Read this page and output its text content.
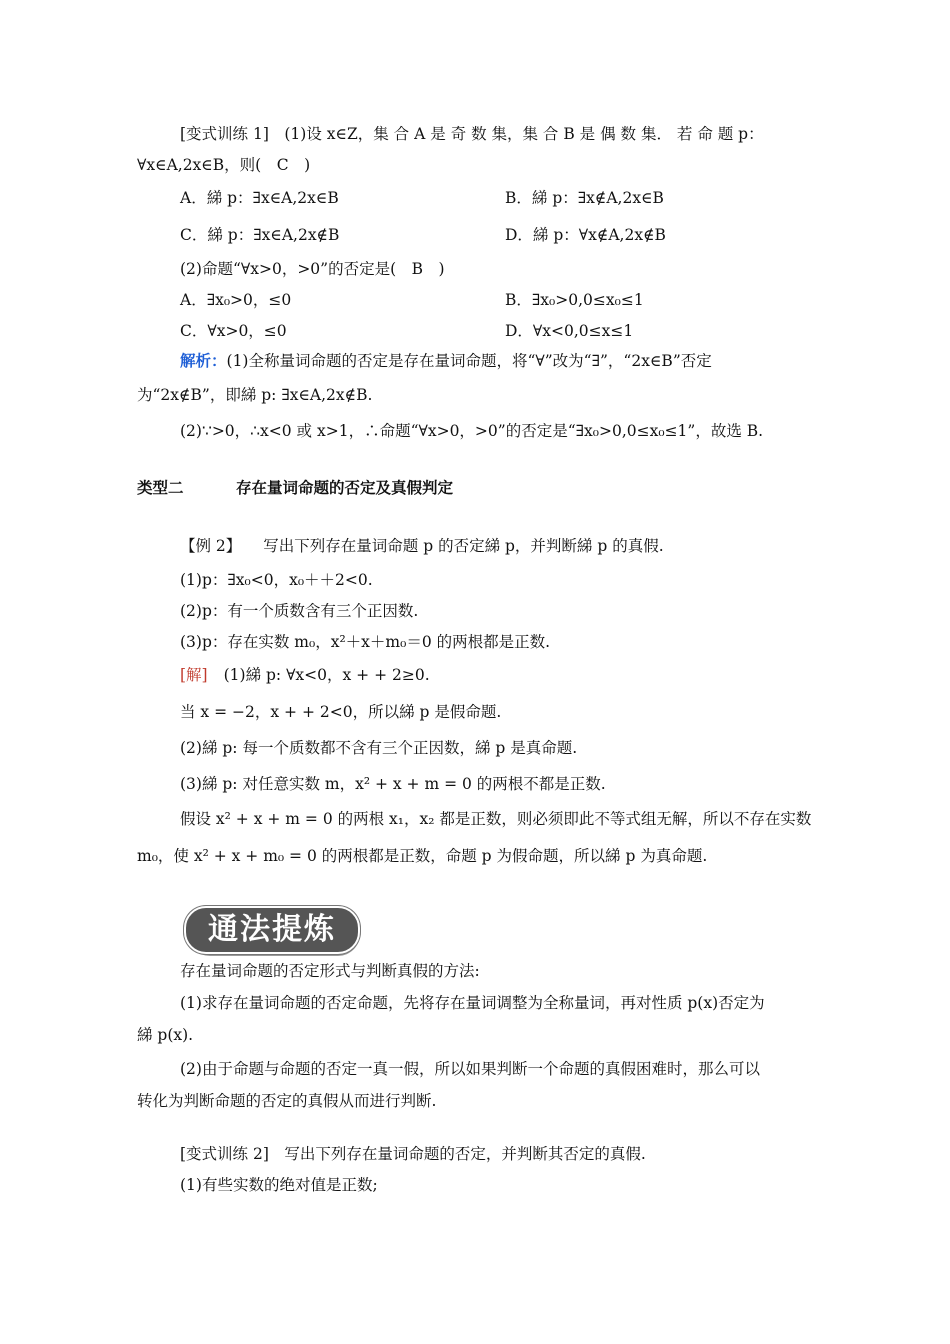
[变式训练 1]　(1)设 x∈Z，集 合 A 是 奇 数 集，集 合 B 是 偶 数 集． 若 命 题 p：

∀x∈A,2x∈B，则(　C　)

A．綈 p：∃x∈A,2x∈B	B．綈 p：∃x∉A,2x∈B

C．綈 p：∃x∈A,2x∉B	D．綈 p：∀x∉A,2x∉B

(2)命题“∀x>0，>0”的否定是(　B　)

A．∃x₀>0，≤0	B．∃x₀>0,0≤x₀≤1

C．∀x>0，≤0	D．∀x<0,0≤x≤1

解析：(1)全称量词命题的否定是存在量词命题，将“∀”改为“∃”，“2x∈B”否定

为“2x∉B”，即綈 p: ∃x∈A,2x∉B.

(2)∵>0，∴x<0 或 x>1，∴命题“∀x>0，>0”的否定是“∃x₀>0,0≤x₀≤1”，故选 B.

类型二	存在量词命题的否定及真假判定

【例 2】 写出下列存在量词命题 p 的否定綈 p，并判断綈 p 的真假.

(1)p：∃x₀<0，x₀＋＋2<0.

(2)p：有一个质数含有三个正因数.

(3)p：存在实数 m₀，x²＋x＋m₀＝0 的两根都是正数.

[解] (1)綈 p: ∀x<0，x + + 2≥0.

当 x = −2，x + + 2<0，所以綈 p 是假命题.

(2)綈 p: 每一个质数都不含有三个正因数，綈 p 是真命题.

(3)綈 p: 对任意实数 m，x² + x + m = 0 的两根不都是正数.

假设 x² + x + m = 0 的两根 x₁，x₂ 都是正数，则必须即此不等式组无解，所以不存在实数

m₀，使 x² + x + m₀ = 0 的两根都是正数，命题 p 为假命题，所以綈 p 为真命题.

通法提炼

存在量词命题的否定形式与判断真假的方法:

(1)求存在量词命题的否定命题，先将存在量词调整为全称量词，再对性质 p(x)否定为

綈 p(x).

(2)由于命题与命题的否定一真一假，所以如果判断一个命题的真假困难时，那么可以

转化为判断命题的否定的真假从而进行判断.

[变式训练 2]　写出下列存在量词命题的否定，并判断其否定的真假.

(1)有些实数的绝对值是正数;
